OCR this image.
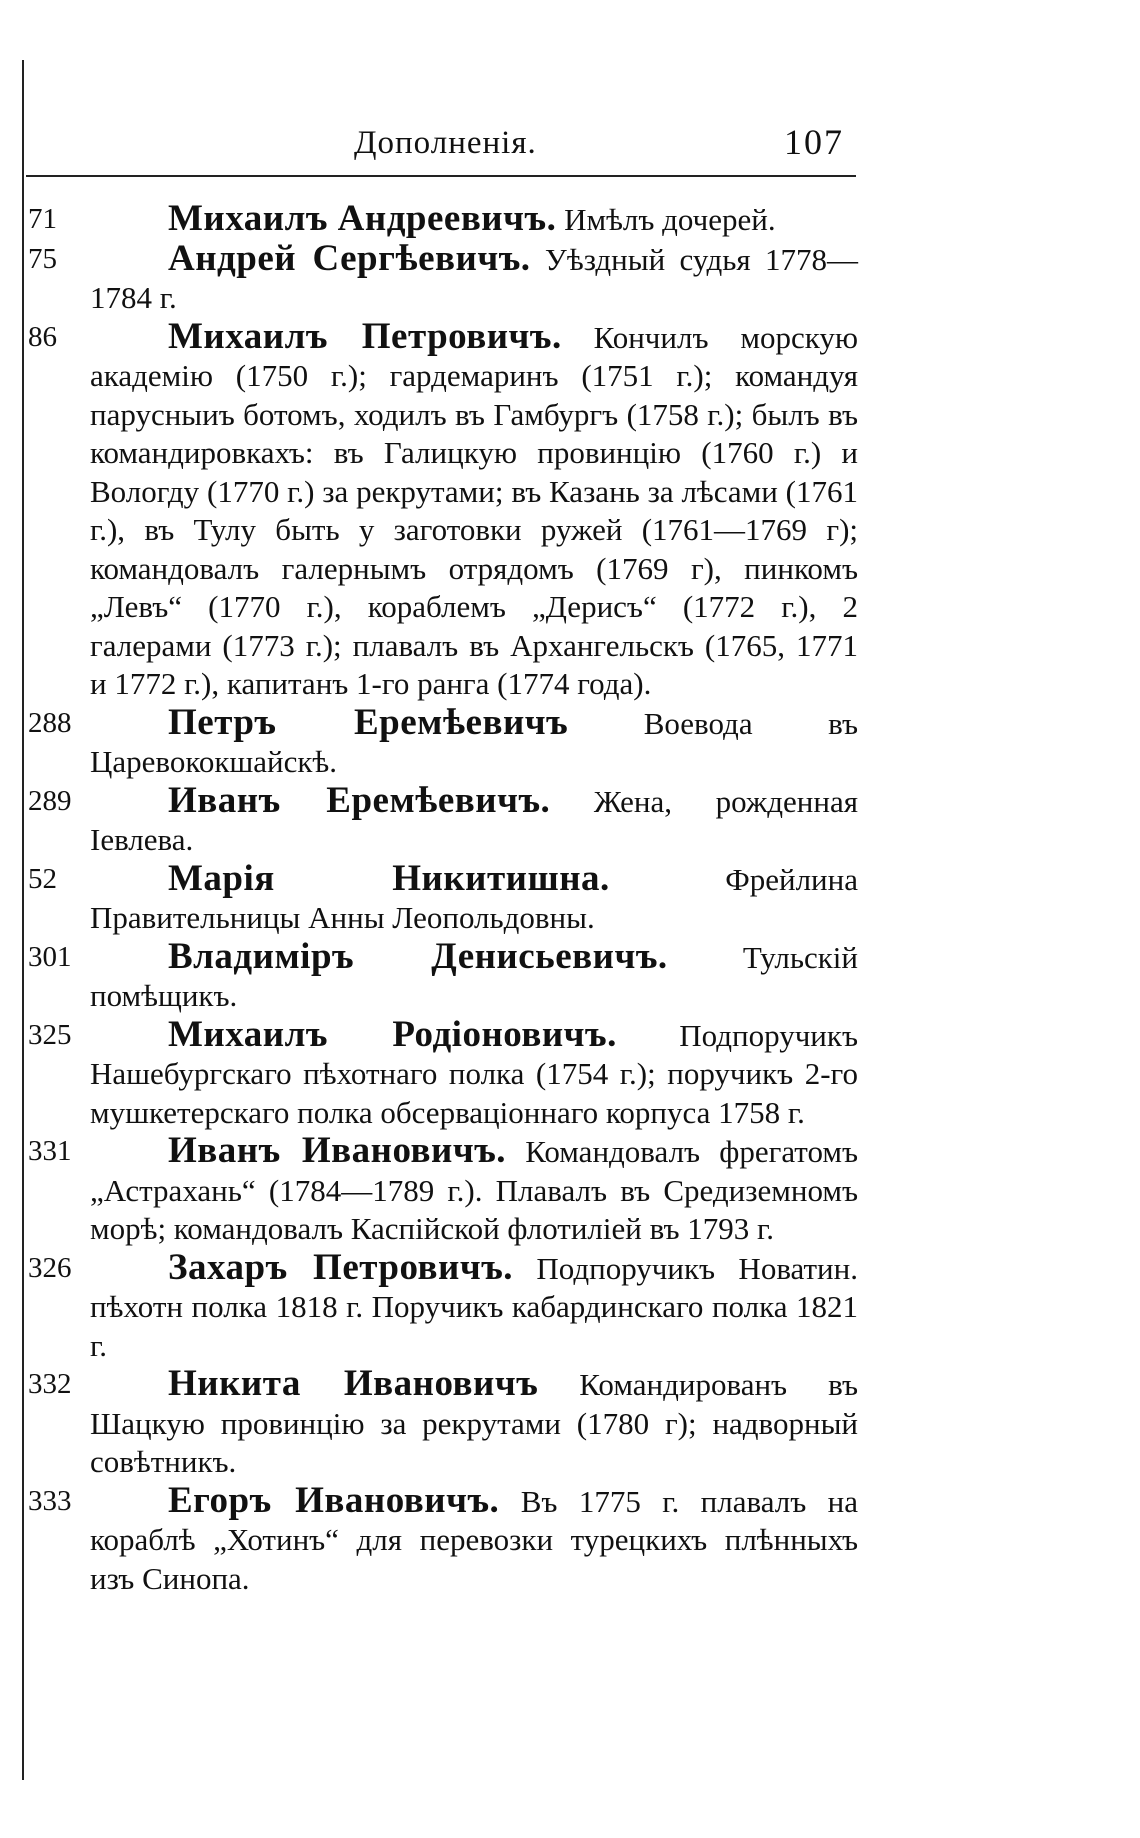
Дополненія.	107
71	Михаилъ Андреевичъ. Имѣлъ дочерей.
75	Андрей Сергѣевичъ. Уѣздный судья 1778—1784 г.
86	Михаилъ Петровичъ. Кончилъ морскую академію (1750 г.); гардемаринъ (1751 г.); командуя парусныиъ ботомъ, ходилъ въ Гамбургъ (1758 г.); былъ въ командировкахъ: въ Галицкую провинцію (1760 г.) и Вологду (1770 г.) за рекрутами; въ Казань за лѣсами (1761 г.), въ Тулу быть у заготовки ружей (1761—1769 г); командовалъ галернымъ отрядомъ (1769 г), пинкомъ „Левъ“ (1770 г.), кораблемъ „Дерисъ“ (1772 г.), 2 галерами (1773 г.); плавалъ въ Архангельскъ (1765, 1771 и 1772 г.), капитанъ 1-го ранга (1774 года).
288	Петръ Еремѣевичъ Воевода въ Царевококшайскѣ.
289	Иванъ Еремѣевичъ. Жена, рожденная Іевлева.
52	Марія Никитишна. Фрейлина Правительницы Анны Леопольдовны.
301	Владиміръ Денисьевичъ. Тульскій помѣщикъ.
325	Михаилъ Родіоновичъ. Подпоручикъ Нашебургскаго пѣхотнаго полка (1754 г.); поручикъ 2-го мушкетерскаго полка обсерваціоннаго корпуса 1758 г.
331	Иванъ Ивановичъ. Командовалъ фрегатомъ „Астрахань“ (1784—1789 г.). Плавалъ въ Средиземномъ морѣ; командовалъ Каспійской флотиліей въ 1793 г.
326	Захаръ Петровичъ. Подпоручикъ Новатин. пѣхотн полка 1818 г. Поручикъ кабардинскаго полка 1821 г.
332	Никита Ивановичъ Командированъ въ Шацкую провинцію за рекрутами (1780 г); надворный совѣтникъ.
333	Егоръ Ивановичъ. Въ 1775 г. плавалъ на кораблѣ „Хотинъ“ для перевозки турецкихъ плѣнныхъ изъ Синопа.
